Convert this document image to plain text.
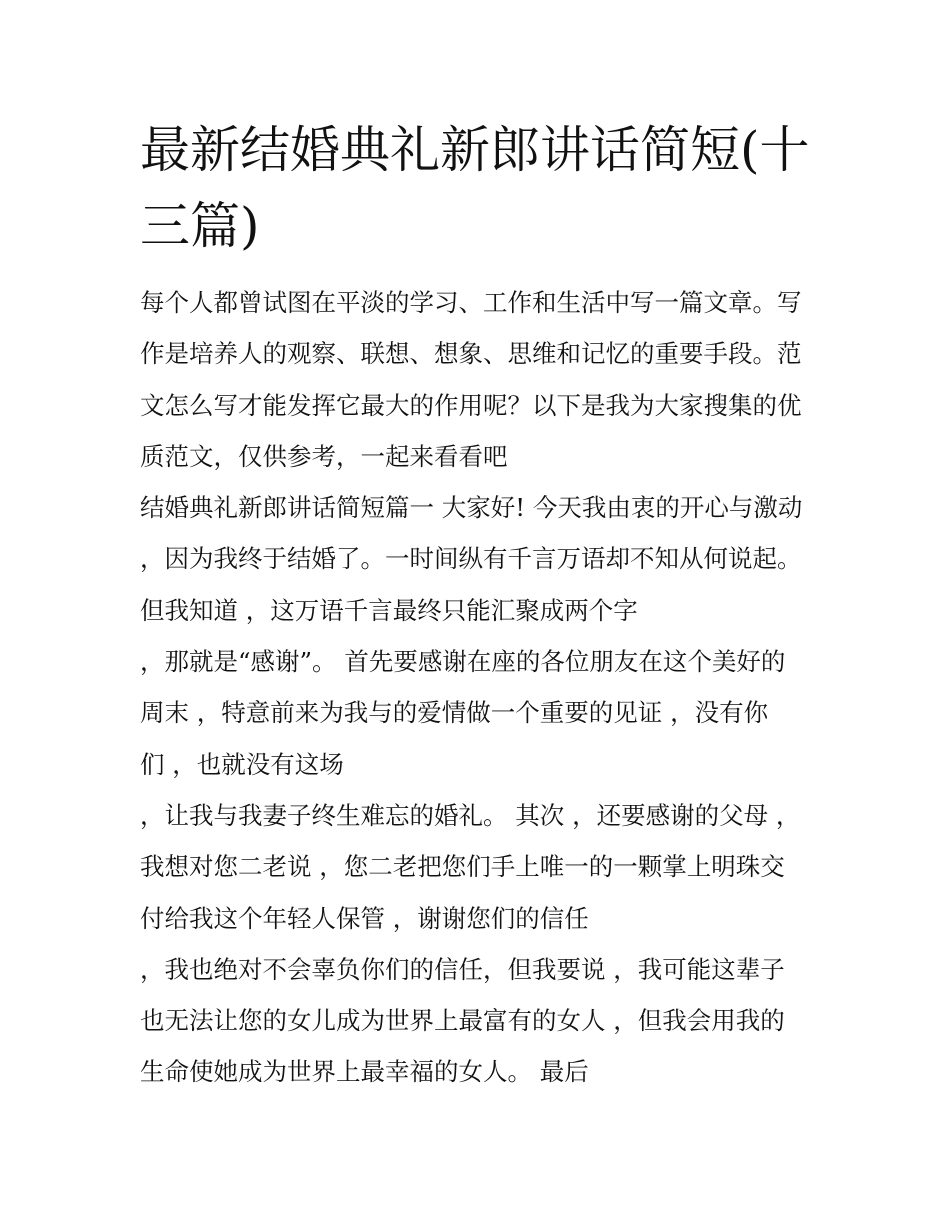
最新结婚典礼新郎讲话简短(十
三篇)
每个人都曾试图在平淡的学习、工作和生活中写一篇文章。写
作是培养人的观察、联想、想象、思维和记忆的重要手段。范
文怎么写才能发挥它最大的作用呢？以下是我为大家搜集的优
质范文，仅供参考，一起来看看吧
结婚典礼新郎讲话简短篇一 大家好! 今天我由衷的开心与激动
，因为我终于结婚了。一时间纵有千言万语却不知从何说起。
但我知道 ，这万语千言最终只能汇聚成两个字
，那就是“感谢”。 首先要感谢在座的各位朋友在这个美好的
周末 ，特意前来为我与的爱情做一个重要的见证 ，没有你
们 ，也就没有这场
，让我与我妻子终生难忘的婚礼。 其次 ，还要感谢的父母 ，
我想对您二老说 ，您二老把您们手上唯一的一颗掌上明珠交
付给我这个年轻人保管 ，谢谢您们的信任
，我也绝对不会辜负你们的信任，但我要说 ，我可能这辈子
也无法让您的女儿成为世界上最富有的女人 ，但我会用我的
生命使她成为世界上最幸福的女人。 最后
